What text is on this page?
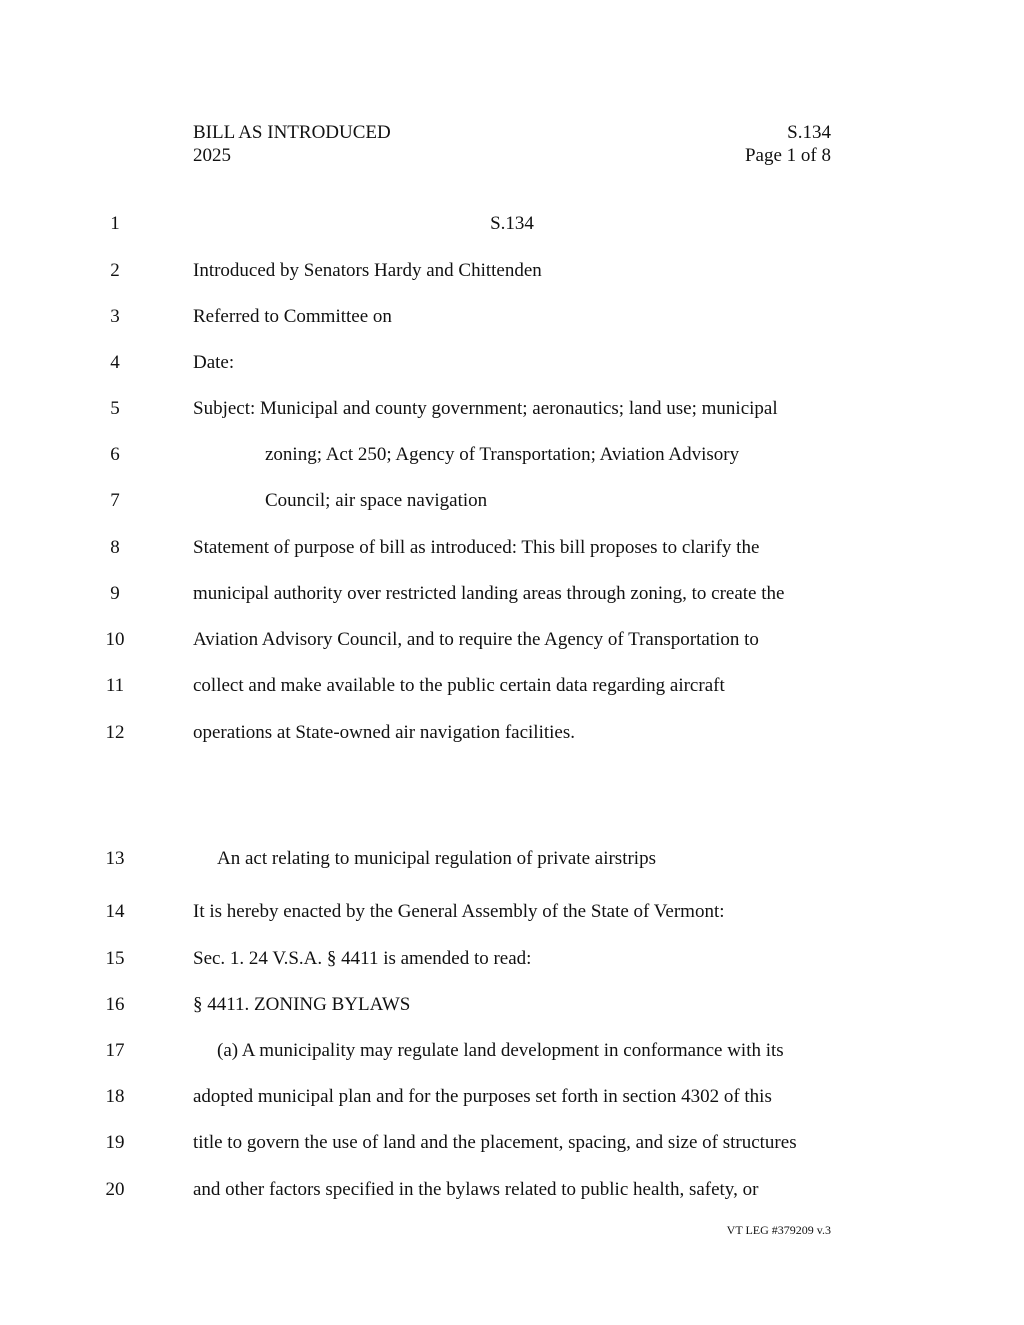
BILL AS INTRODUCED
2025
S.134
Page 1 of 8
1	S.134
2	Introduced by Senators Hardy and Chittenden
3	Referred to Committee on
4	Date:
5	Subject: Municipal and county government; aeronautics; land use; municipal
6	zoning; Act 250; Agency of Transportation; Aviation Advisory
7	Council; air space navigation
8	Statement of purpose of bill as introduced: This bill proposes to clarify the
9	municipal authority over restricted landing areas through zoning, to create the
10	Aviation Advisory Council, and to require the Agency of Transportation to
11	collect and make available to the public certain data regarding aircraft
12	operations at State-owned air navigation facilities.
13	An act relating to municipal regulation of private airstrips
14	It is hereby enacted by the General Assembly of the State of Vermont:
15	Sec. 1. 24 V.S.A. § 4411 is amended to read:
16	§ 4411. ZONING BYLAWS
17	(a) A municipality may regulate land development in conformance with its
18	adopted municipal plan and for the purposes set forth in section 4302 of this
19	title to govern the use of land and the placement, spacing, and size of structures
20	and other factors specified in the bylaws related to public health, safety, or
VT LEG #379209 v.3
